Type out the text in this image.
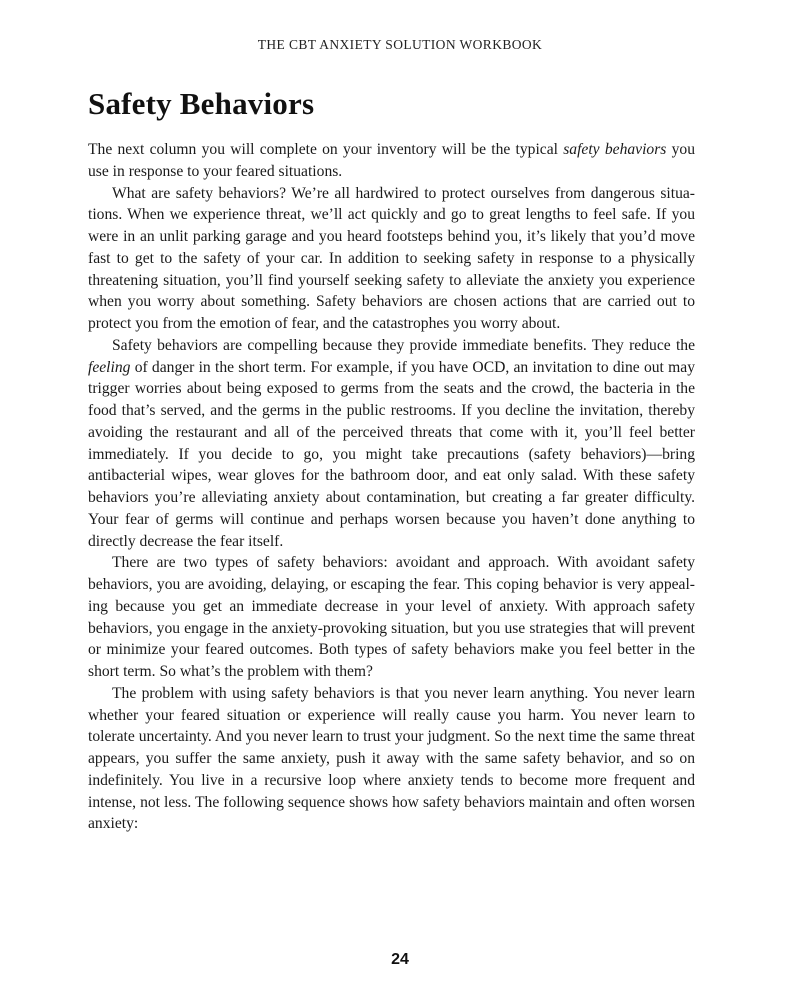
THE CBT ANXIETY SOLUTION WORKBOOK
Safety Behaviors

The next column you will complete on your inventory will be the typical safety behaviors you use in response to your feared situations.

What are safety behaviors? We’re all hardwired to protect ourselves from dangerous situations. When we experience threat, we’ll act quickly and go to great lengths to feel safe. If you were in an unlit parking garage and you heard footsteps behind you, it’s likely that you’d move fast to get to the safety of your car. In addition to seeking safety in response to a physically threatening situation, you’ll find yourself seeking safety to alleviate the anxiety you experience when you worry about something. Safety behaviors are chosen actions that are carried out to protect you from the emotion of fear, and the catastrophes you worry about.

Safety behaviors are compelling because they provide immediate benefits. They reduce the feeling of danger in the short term. For example, if you have OCD, an invitation to dine out may trigger worries about being exposed to germs from the seats and the crowd, the bacteria in the food that’s served, and the germs in the public restrooms. If you decline the invitation, thereby avoiding the restaurant and all of the perceived threats that come with it, you’ll feel better immediately. If you decide to go, you might take precautions (safety behaviors)—bring antibacterial wipes, wear gloves for the bathroom door, and eat only salad. With these safety behaviors you’re alleviating anxiety about contamination, but creating a far greater difficulty. Your fear of germs will continue and perhaps worsen because you haven’t done anything to directly decrease the fear itself.

There are two types of safety behaviors: avoidant and approach. With avoidant safety behaviors, you are avoiding, delaying, or escaping the fear. This coping behavior is very appealing because you get an immediate decrease in your level of anxiety. With approach safety behaviors, you engage in the anxiety-provoking situation, but you use strategies that will prevent or minimize your feared outcomes. Both types of safety behaviors make you feel better in the short term. So what’s the problem with them?

The problem with using safety behaviors is that you never learn anything. You never learn whether your feared situation or experience will really cause you harm. You never learn to tolerate uncertainty. And you never learn to trust your judgment. So the next time the same threat appears, you suffer the same anxiety, push it away with the same safety behavior, and so on indefinitely. You live in a recursive loop where anxiety tends to become more frequent and intense, not less. The following sequence shows how safety behaviors maintain and often worsen anxiety:

24
